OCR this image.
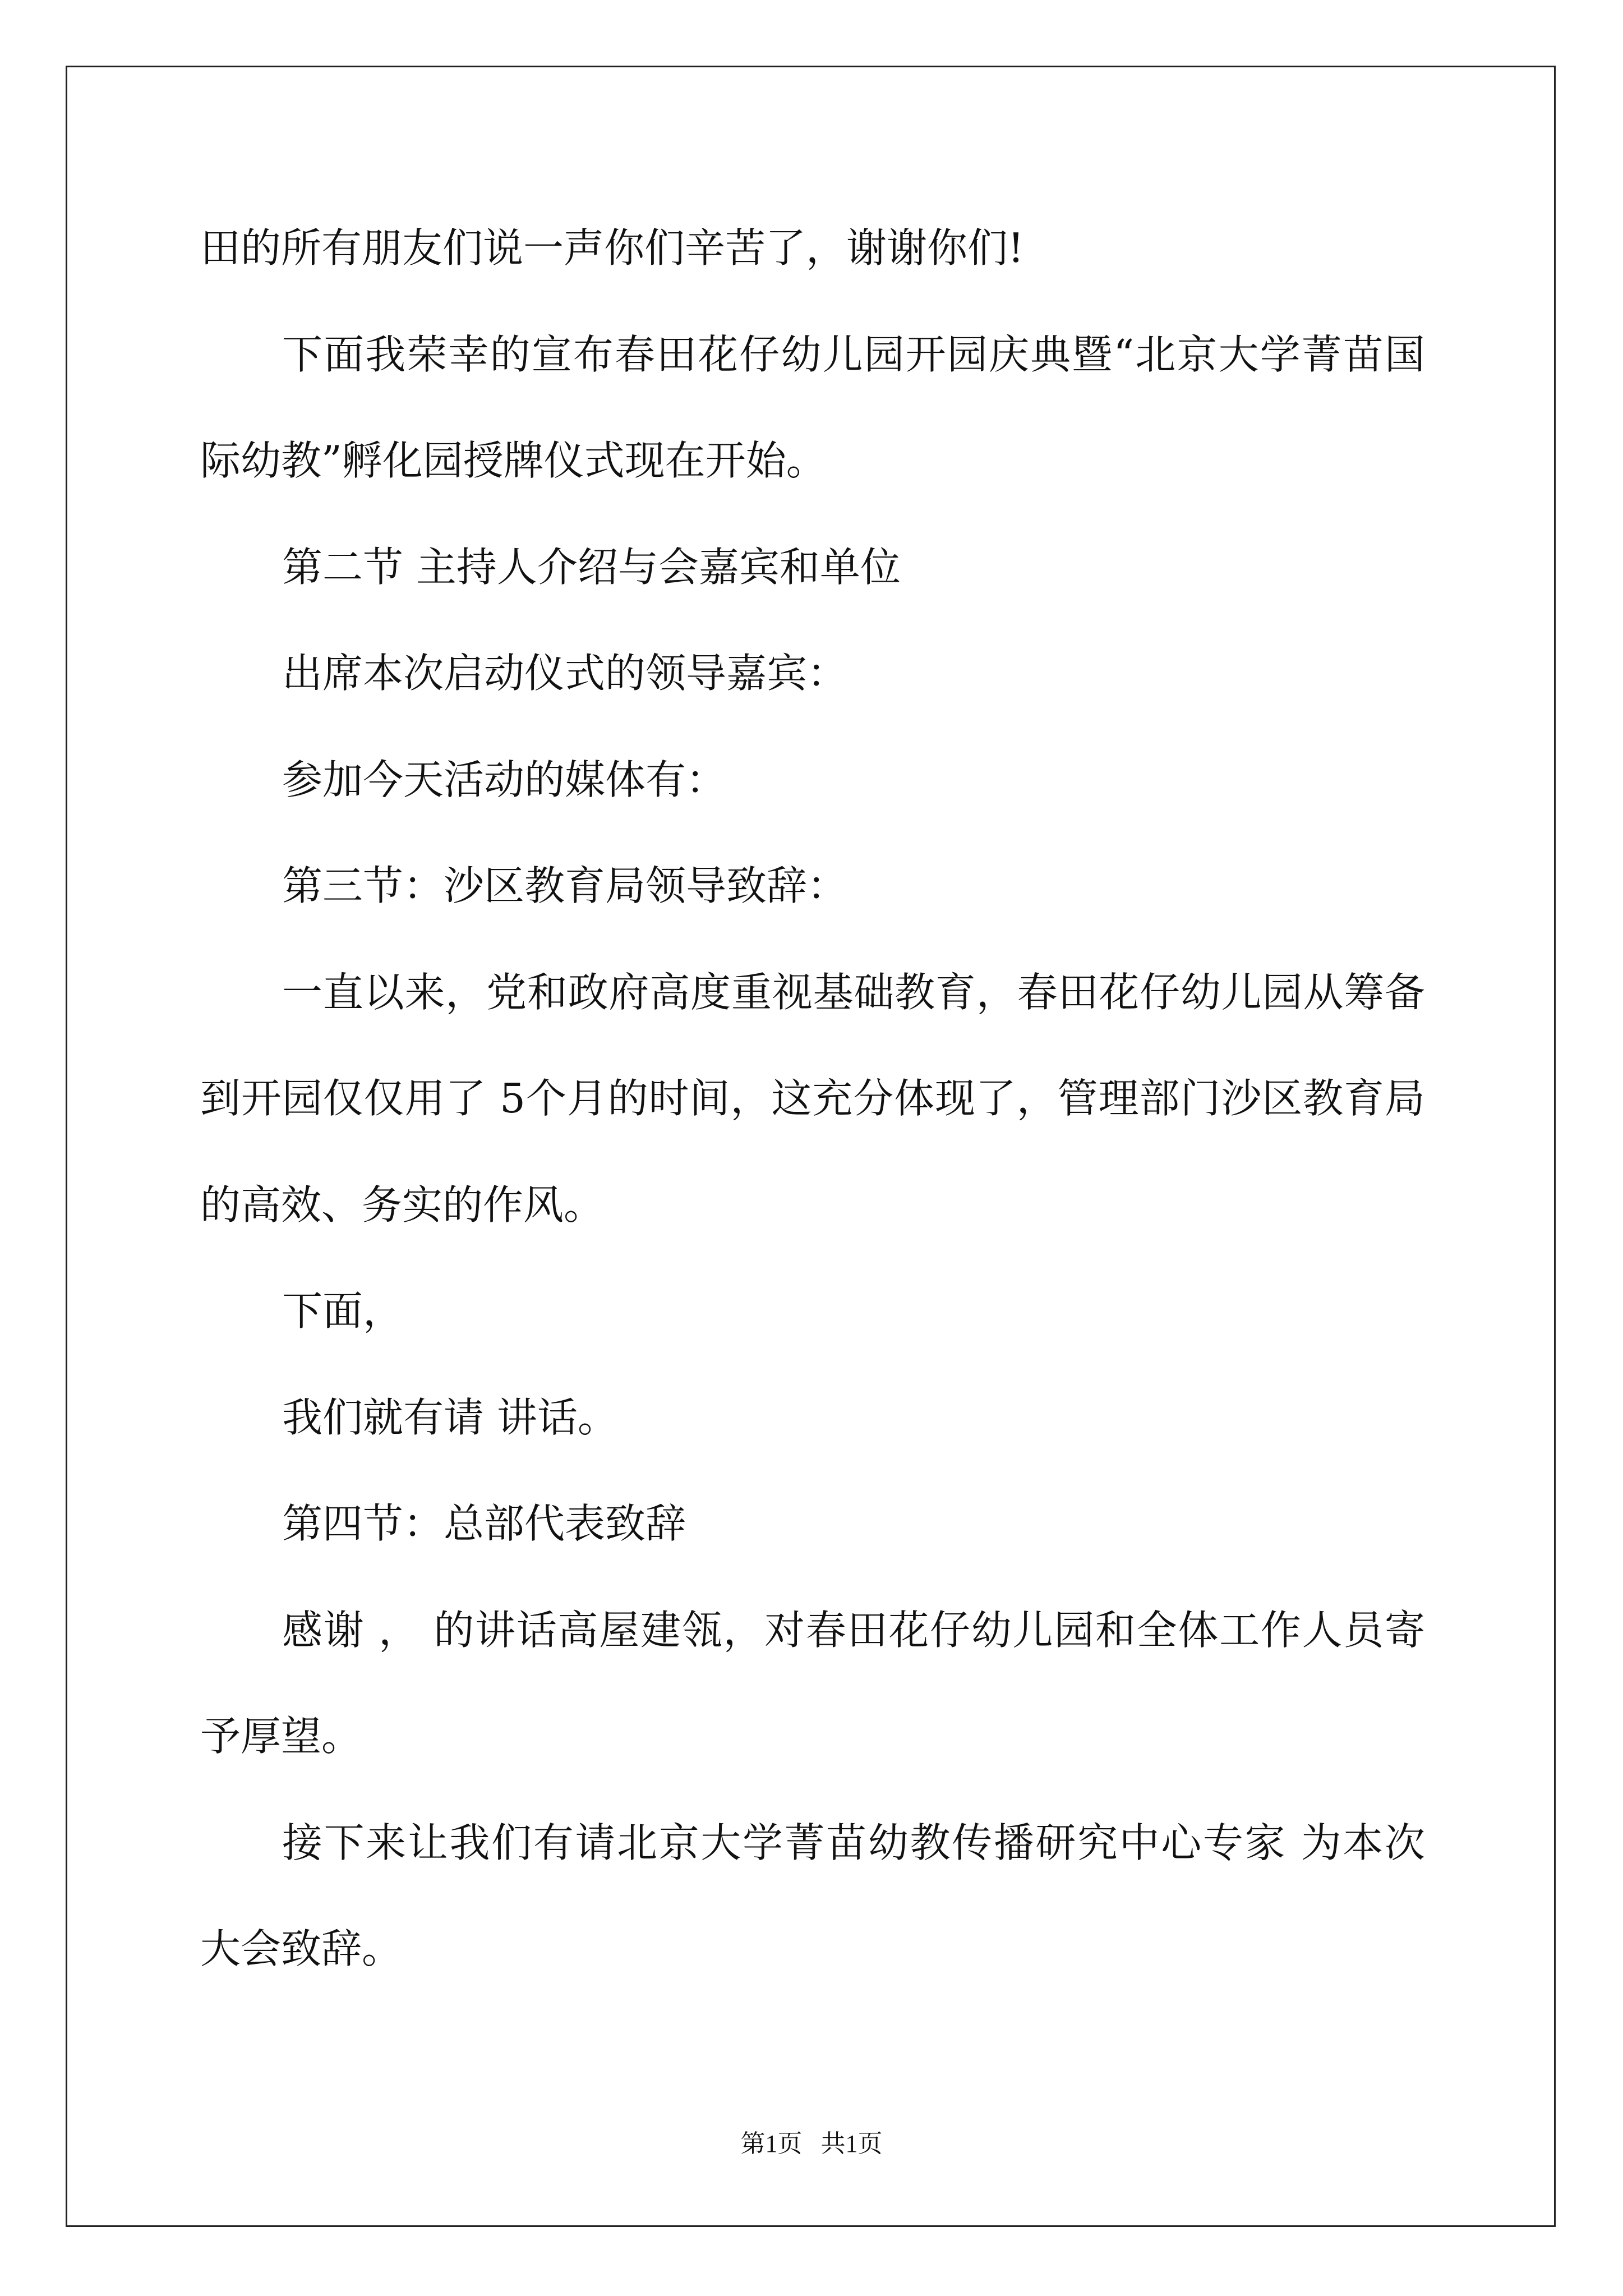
田的所有朋友们说一声你们辛苦了，谢谢你们!
下面我荣幸的宣布春田花仔幼儿园开园庆典暨“北京大学菁苗国
际幼教”孵化园授牌仪式现在开始。
第二节 主持人介绍与会嘉宾和单位
出席本次启动仪式的领导嘉宾：
参加今天活动的媒体有：
第三节：沙区教育局领导致辞：
一直以来，党和政府高度重视基础教育，春田花仔幼儿园从筹备
到开园仅仅用了 5个月的时间，这充分体现了，管理部门沙区教育局
的高效、务实的作风。
下面，
我们就有请 讲话。
第四节：总部代表致辞
感谢 ， 的讲话高屋建瓴，对春田花仔幼儿园和全体工作人员寄
予厚望。
接下来让我们有请北京大学菁苗幼教传播研究中心专家 为本次
大会致辞。
第1页   共1页
